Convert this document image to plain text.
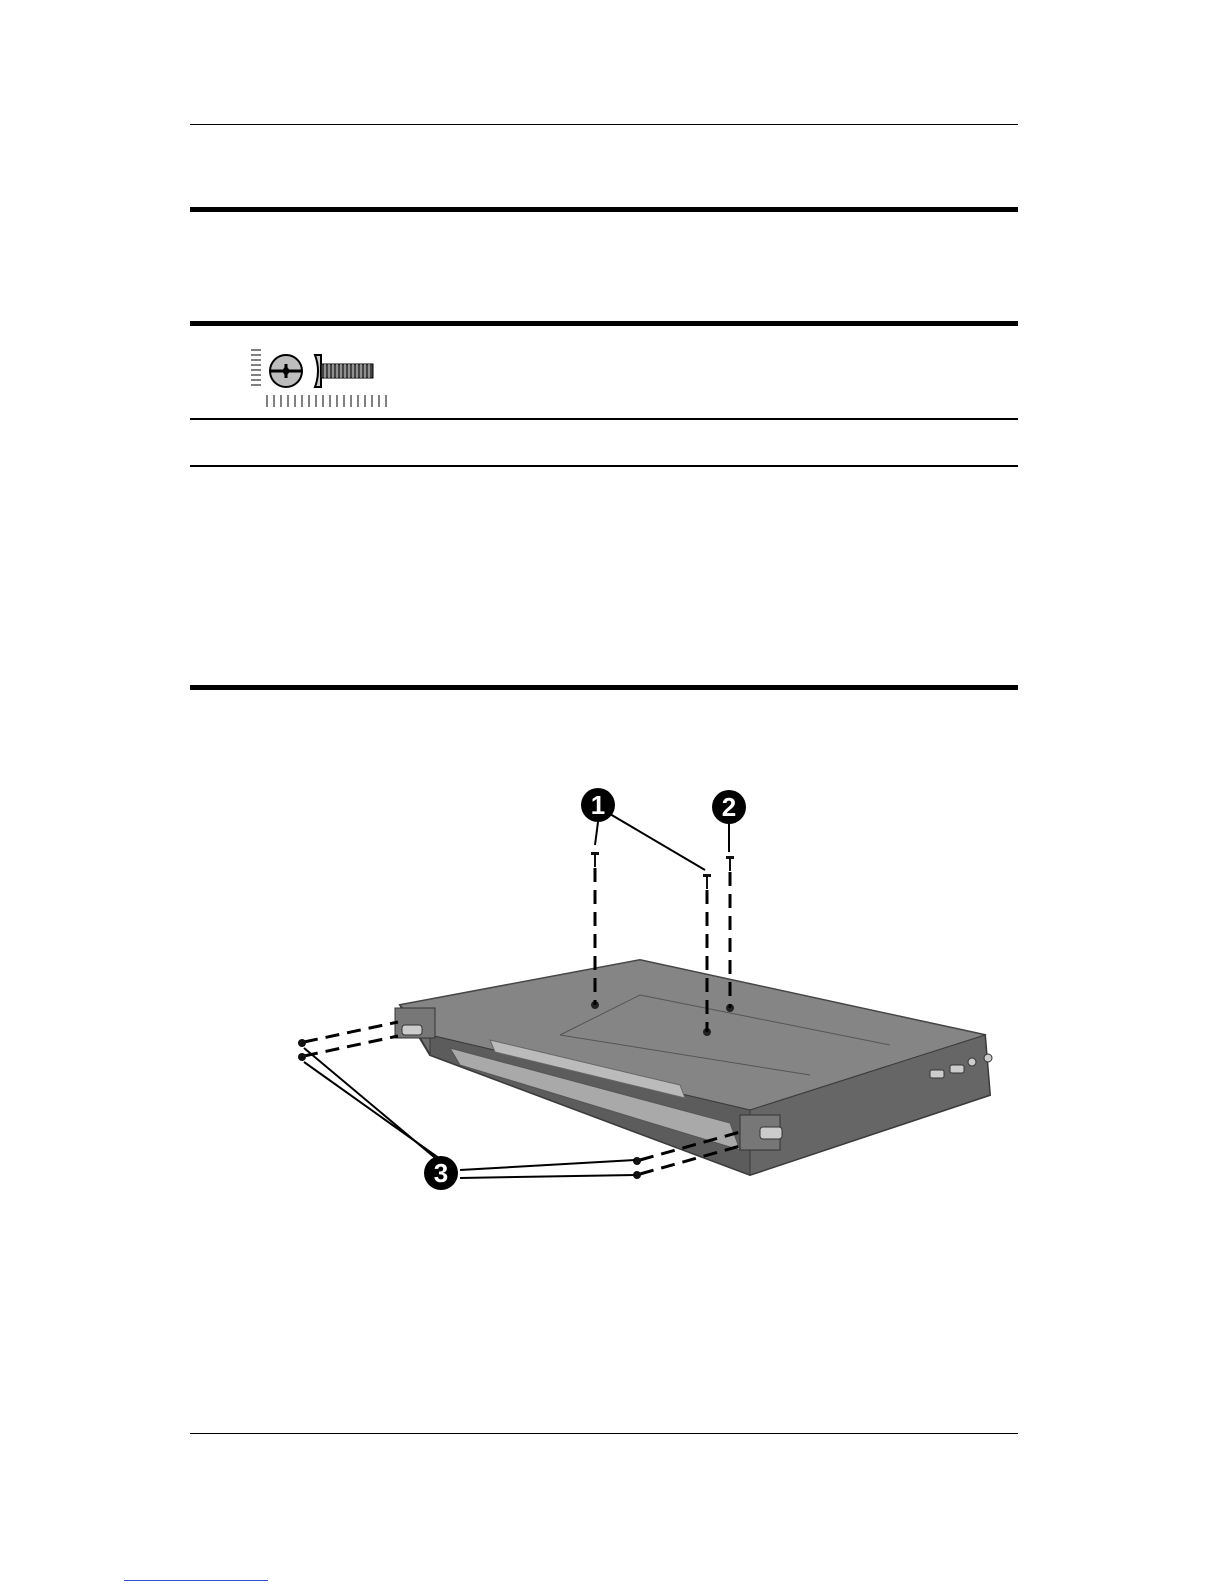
1	2
3
